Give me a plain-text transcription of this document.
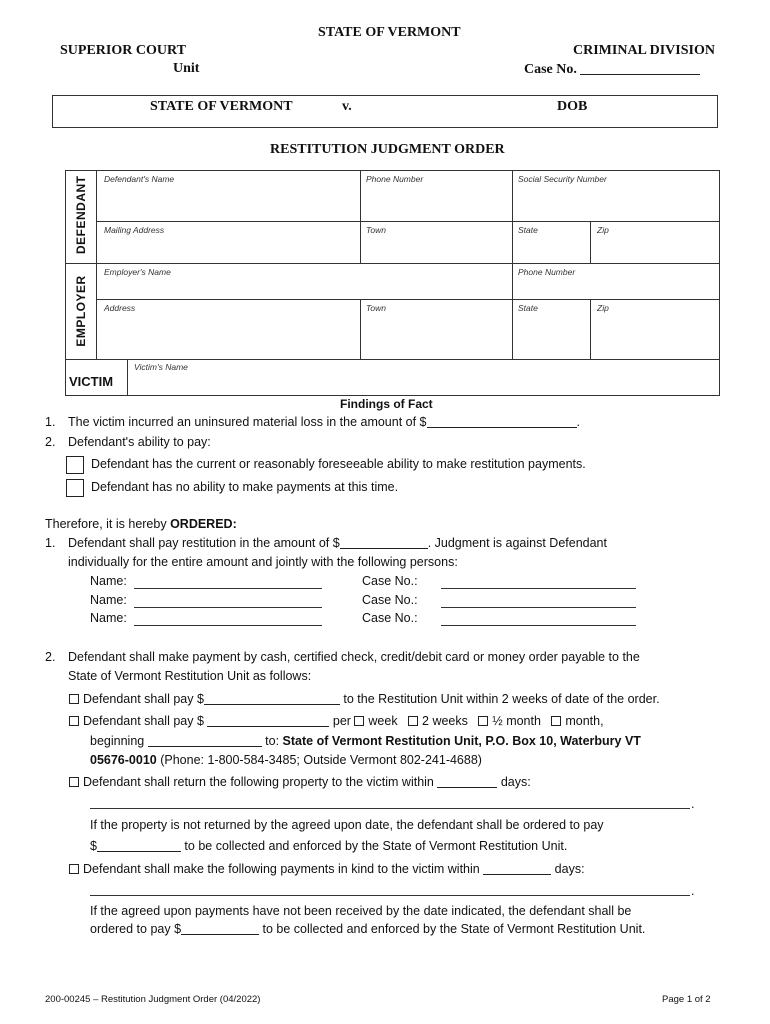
STATE OF VERMONT
SUPERIOR COURT	CRIMINAL DIVISION
Unit	Case No.
STATE OF VERMONT	v.	DOB
RESTITUTION JUDGMENT ORDER
DEFENDANT
EMPLOYER
VICTIM
Defendant's Name	Phone Number	Social Security Number
Mailing Address	Town	State	Zip
Employer's Name	Phone Number
Address	Town	State	Zip
Victim's Name
Findings of Fact
1. The victim incurred an uninsured material loss in the amount of $	.
2. Defendant's ability to pay:
Defendant has the current or reasonably foreseeable ability to make restitution payments.
Defendant has no ability to make payments at this time.
Therefore, it is hereby ORDERED:
1. Defendant shall pay restitution in the amount of $	. Judgment is against Defendant
individually for the entire amount and jointly with the following persons:
Name:	Case No.:
Name:	Case No.:
Name:	Case No.:
2. Defendant shall make payment by cash, certified check, credit/debit card or money order payable to the
State of Vermont Restitution Unit as follows:
Defendant shall pay $	to the Restitution Unit within 2 weeks of date of the order.
Defendant shall pay $	per week 2 weeks ½ month month,
beginning	to: State of Vermont Restitution Unit, P.O. Box 10, Waterbury VT
05676-0010 (Phone: 1-800-584-3485; Outside Vermont 802-241-4688)
Defendant shall return the following property to the victim within	days:
.
If the property is not returned by the agreed upon date, the defendant shall be ordered to pay
$	to be collected and enforced by the State of Vermont Restitution Unit.
Defendant shall make the following payments in kind to the victim within	days:
.
If the agreed upon payments have not been received by the date indicated, the defendant shall be
ordered to pay $	to be collected and enforced by the State of Vermont Restitution Unit.
200-00245 – Restitution Judgment Order (04/2022)	Page 1 of 2
